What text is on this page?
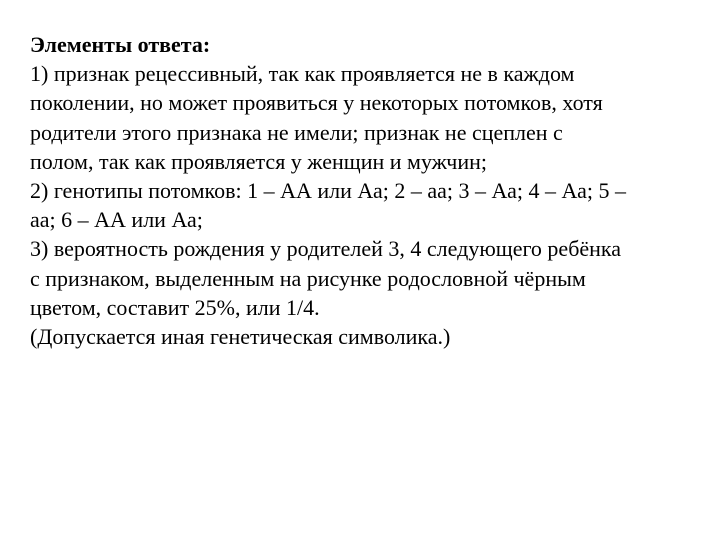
Элементы ответа:
1) признак рецессивный, так как проявляется не в каждом
поколении, но может проявиться у некоторых потомков, хотя
родители этого признака не имели; признак не сцеплен с
полом, так как проявляется у женщин и мужчин;
2) генотипы потомков: 1 – АА или Аа; 2 – аа; 3 – Аа; 4 – Аа; 5 –
аа; 6 – АА или Аа;
3) вероятность рождения у родителей 3, 4 следующего ребёнка
с признаком, выделенным на рисунке родословной чёрным
цветом, составит 25%, или 1/4.
(Допускается иная генетическая символика.)
